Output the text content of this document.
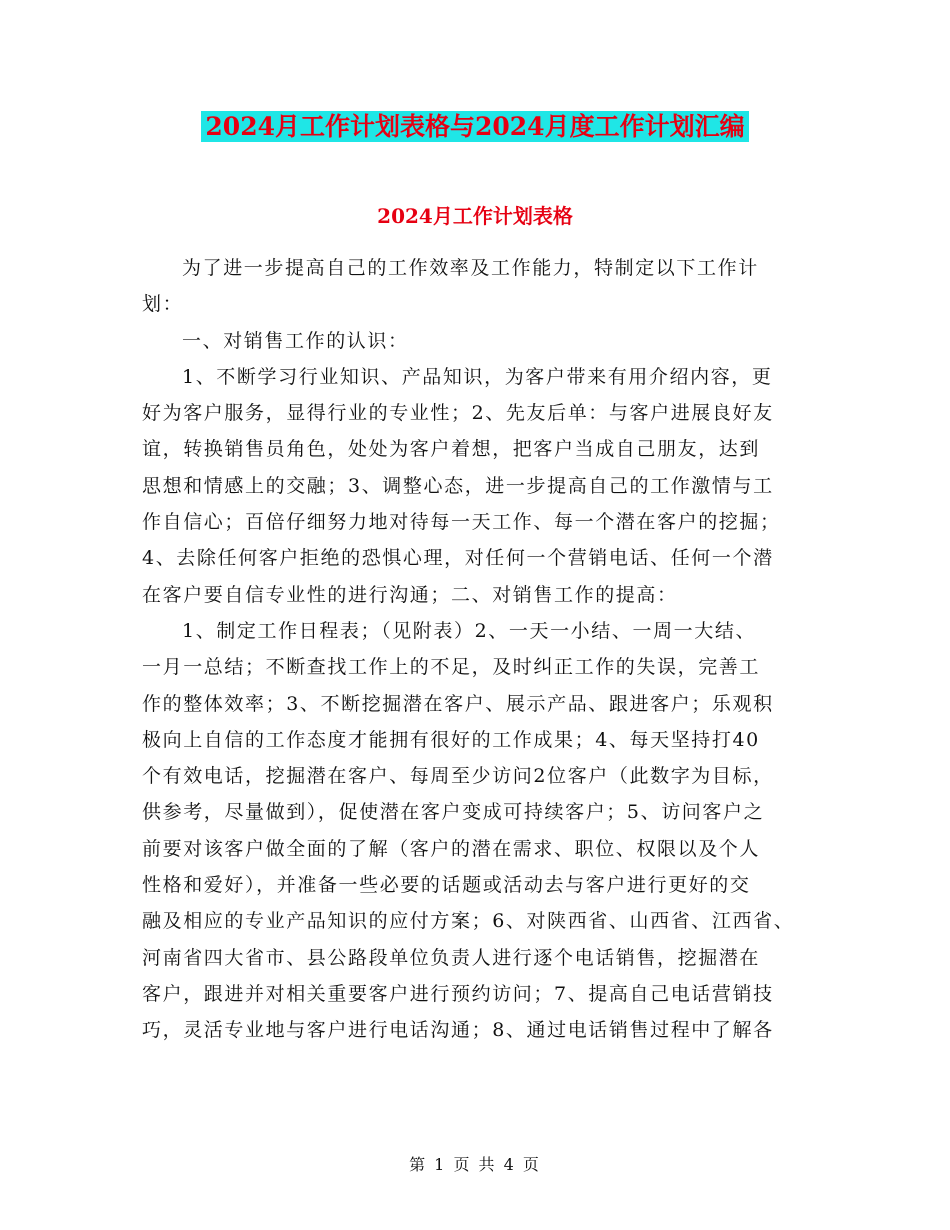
2024月工作计划表格与2024月度工作计划汇编
2024月工作计划表格
为了进一步提高自己的工作效率及工作能力，特制定以下工作计
划：
一、对销售工作的认识：
1、不断学习行业知识、产品知识，为客户带来有用介绍内容，更
好为客户服务，显得行业的专业性；2、先友后单：与客户进展良好友
谊，转换销售员角色，处处为客户着想，把客户当成自己朋友，达到
思想和情感上的交融；3、调整心态，进一步提高自己的工作激情与工
作自信心；百倍仔细努力地对待每一天工作、每一个潜在客户的挖掘；
4、去除任何客户拒绝的恐惧心理，对任何一个营销电话、任何一个潜
在客户要自信专业性的进行沟通；二、对销售工作的提高：
1、制定工作日程表；（见附表）2、一天一小结、一周一大结、
一月一总结；不断查找工作上的不足，及时纠正工作的失误，完善工
作的整体效率；3、不断挖掘潜在客户、展示产品、跟进客户；乐观积
极向上自信的工作态度才能拥有很好的工作成果；4、每天坚持打40
个有效电话，挖掘潜在客户、每周至少访问2位客户（此数字为目标，
供参考，尽量做到），促使潜在客户变成可持续客户；5、访问客户之
前要对该客户做全面的了解（客户的潜在需求、职位、权限以及个人
性格和爱好），并准备一些必要的话题或活动去与客户进行更好的交
融及相应的专业产品知识的应付方案；6、对陕西省、山西省、江西省、
河南省四大省市、县公路段单位负责人进行逐个电话销售，挖掘潜在
客户，跟进并对相关重要客户进行预约访问；7、提高自己电话营销技
巧，灵活专业地与客户进行电话沟通；8、通过电话销售过程中了解各
第 1 页 共 4 页
